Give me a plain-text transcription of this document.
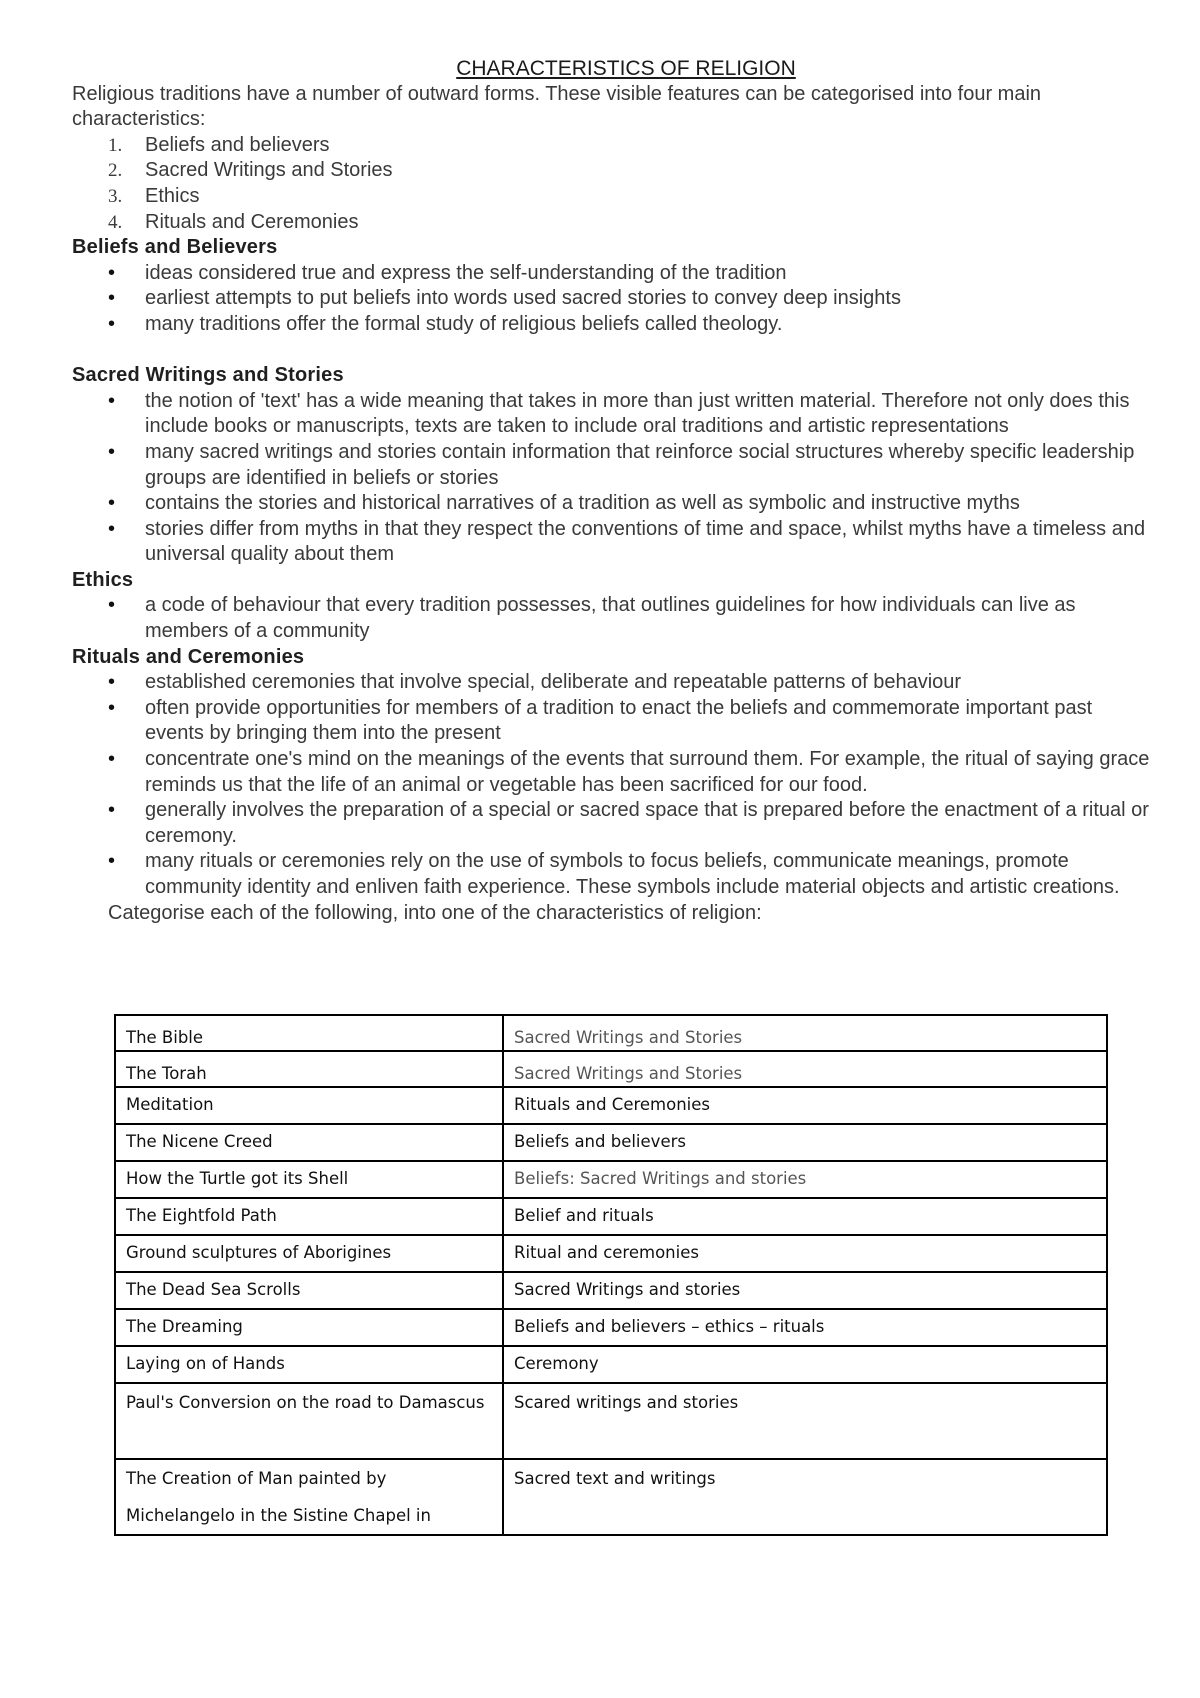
CHARACTERISTICS OF RELIGION

Religious traditions have a number of outward forms. These visible features can be categorised into four main characteristics:

1. Beliefs and believers
2. Sacred Writings and Stories
3. Ethics
4. Rituals and Ceremonies
Beliefs and Believers
• ideas considered true and express the self-understanding of the tradition
• earliest attempts to put beliefs into words used sacred stories to convey deep insights
• many traditions offer the formal study of religious beliefs called theology.
Sacred Writings and Stories
• the notion of 'text' has a wide meaning that takes in more than just written material. Therefore not only does this include books or manuscripts, texts are taken to include oral traditions and artistic representations
• many sacred writings and stories contain information that reinforce social structures whereby specific leadership groups are identified in beliefs or stories
• contains the stories and historical narratives of a tradition as well as symbolic and instructive myths
• stories differ from myths in that they respect the conventions of time and space, whilst myths have a timeless and universal quality about them
Ethics
• a code of behaviour that every tradition possesses, that outlines guidelines for how individuals can live as members of a community
Rituals and Ceremonies
• established ceremonies that involve special, deliberate and repeatable patterns of behaviour
• often provide opportunities for members of a tradition to enact the beliefs and commemorate important past events by bringing them into the present
• concentrate one's mind on the meanings of the events that surround them. For example, the ritual of saying grace reminds us that the life of an animal or vegetable has been sacrificed for our food.
• generally involves the preparation of a special or sacred space that is prepared before the enactment of a ritual or ceremony.
• many rituals or ceremonies rely on the use of symbols to focus beliefs, communicate meanings, promote community identity and enliven faith experience. These symbols include material objects and artistic creations.

Categorise each of the following, into one of the characteristics of religion:

The Bible	Sacred Writings and Stories
The Torah	Sacred Writings and Stories
Meditation	Rituals and Ceremonies
The Nicene Creed	Beliefs and believers
How the Turtle got its Shell	Beliefs: Sacred Writings and stories
The Eightfold Path	Belief and rituals
Ground sculptures of Aborigines	Ritual and ceremonies
The Dead Sea Scrolls	Sacred Writings and stories
The Dreaming	Beliefs and believers – ethics – rituals
Laying on of Hands	Ceremony
Paul's Conversion on the road to Damascus	Scared writings and stories
The Creation of Man painted by Michelangelo in the Sistine Chapel in	Sacred text and writings
